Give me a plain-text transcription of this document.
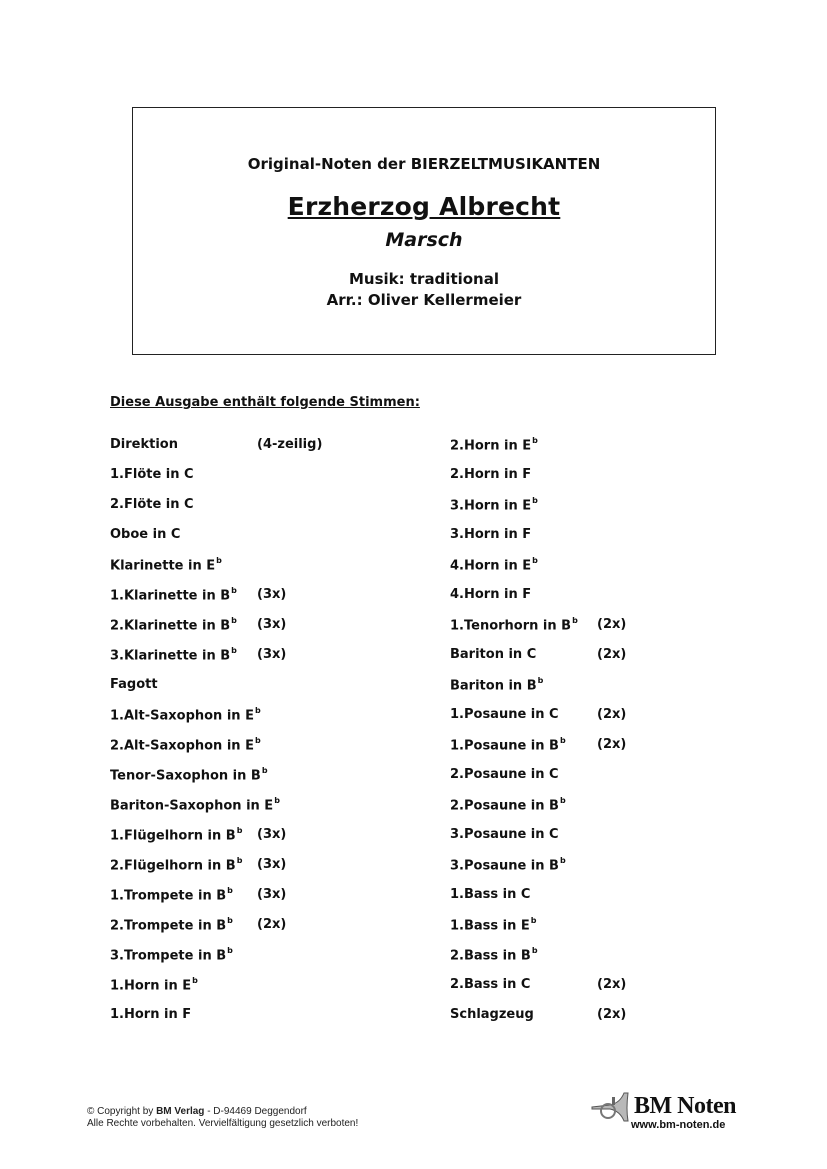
Original-Noten der BIERZELTMUSIKANTEN
Erzherzog Albrecht
Marsch
Musik: traditional
Arr.: Oliver Kellermeier
Diese Ausgabe enthält folgende Stimmen:
Direktion	(4-zeilig)
1.Flöte in C
2.Flöte in C
Oboe in C
Klarinette in $E^b$
1.Klarinette in $B^b$ (3x)
2.Klarinette in $B^b$ (3x)
3.Klarinette in $B^b$ (3x)
Fagott
1.Alt-Saxophon in $E^b$
2.Alt-Saxophon in $E^b$
Tenor-Saxophon in $B^b$
Bariton-Saxophon in $E^b$
1.Flügelhorn in $B^b$ (3x)
2.Flügelhorn in $B^b$ (3x)
1.Trompete in $B^b$ (3x)
2.Trompete in $B^b$ (2x)
3.Trompete in $B^b$
1.Horn in $E^b$
1.Horn in F
2.Horn in $E^b$
2.Horn in F
3.Horn in $E^b$
3.Horn in F
4.Horn in $E^b$
4.Horn in F
1.Tenorhorn in $B^b$ (2x)
Bariton in C	(2x)
Bariton in $B^b$
1.Posaune in C	(2x)
1.Posaune in $B^b$ (2x)
2.Posaune in C
2.Posaune in $B^b$
3.Posaune in C
3.Posaune in $B^b$
1.Bass in C
1.Bass in $E^b$
2.Bass in $B^b$
2.Bass in C	(2x)
Schlagzeug	(2x)
© Copyright by BM Verlag - D-94469 Deggendorf
Alle Rechte vorbehalten. Vervielfältigung gesetzlich verboten!
BM Noten
www.bm-noten.de
